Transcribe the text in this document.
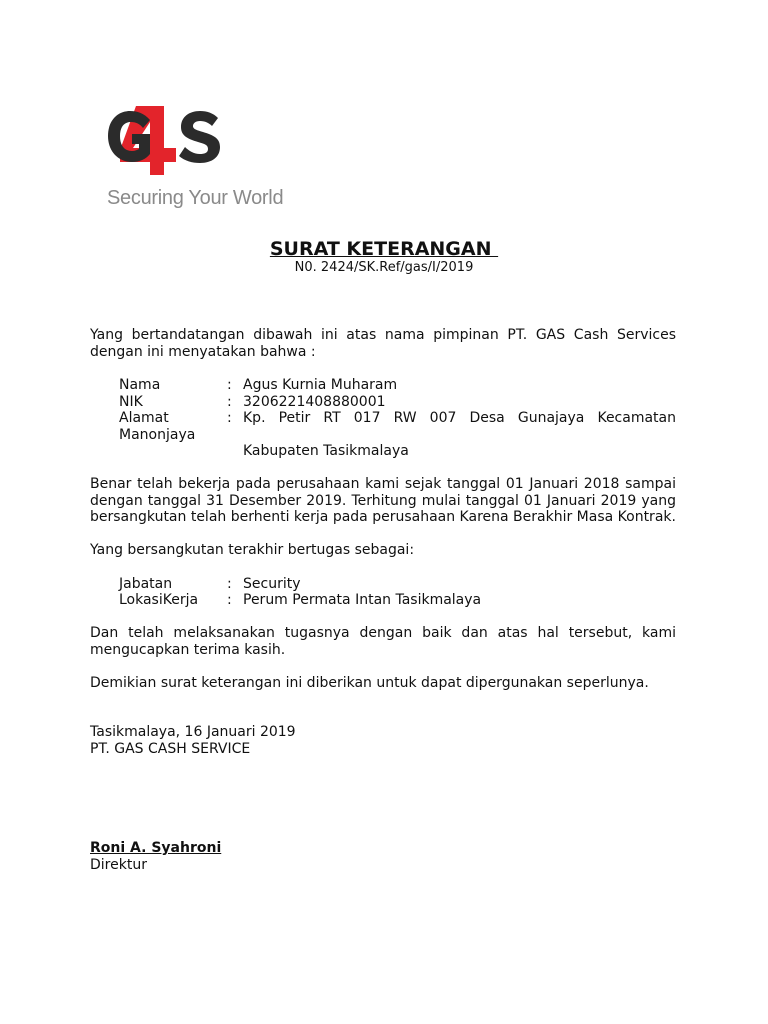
Securing Your World
SURAT KETERANGAN
N0. 2424/SK.Ref/gas/I/2019

Yang bertandatangan dibawah ini atas nama pimpinan PT. GAS Cash Services dengan ini menyatakan bahwa :

Nama	: Agus Kurnia Muharam
NIK	: 3206221408880001
Alamat	: Kp. Petir RT 017 RW 007 Desa Gunajaya Kecamatan
Manonjaya
Kabupaten Tasikmalaya

Benar telah bekerja pada perusahaan kami sejak tanggal 01 Januari 2018 sampai dengan tanggal 31 Desember 2019. Terhitung mulai tanggal 01 Januari 2019 yang bersangkutan telah berhenti kerja pada perusahaan Karena Berakhir Masa Kontrak.

Yang bersangkutan terakhir bertugas sebagai:
Jabatan	: Security
LokasiKerja : Perum Permata Intan Tasikmalaya

Dan telah melaksanakan tugasnya dengan baik dan atas hal tersebut, kami mengucapkan terima kasih.

Demikian surat keterangan ini diberikan untuk dapat dipergunakan seperlunya.
Tasikmalaya, 16 Januari 2019
PT. GAS CASH SERVICE
Roni A. Syahroni
Direktur
